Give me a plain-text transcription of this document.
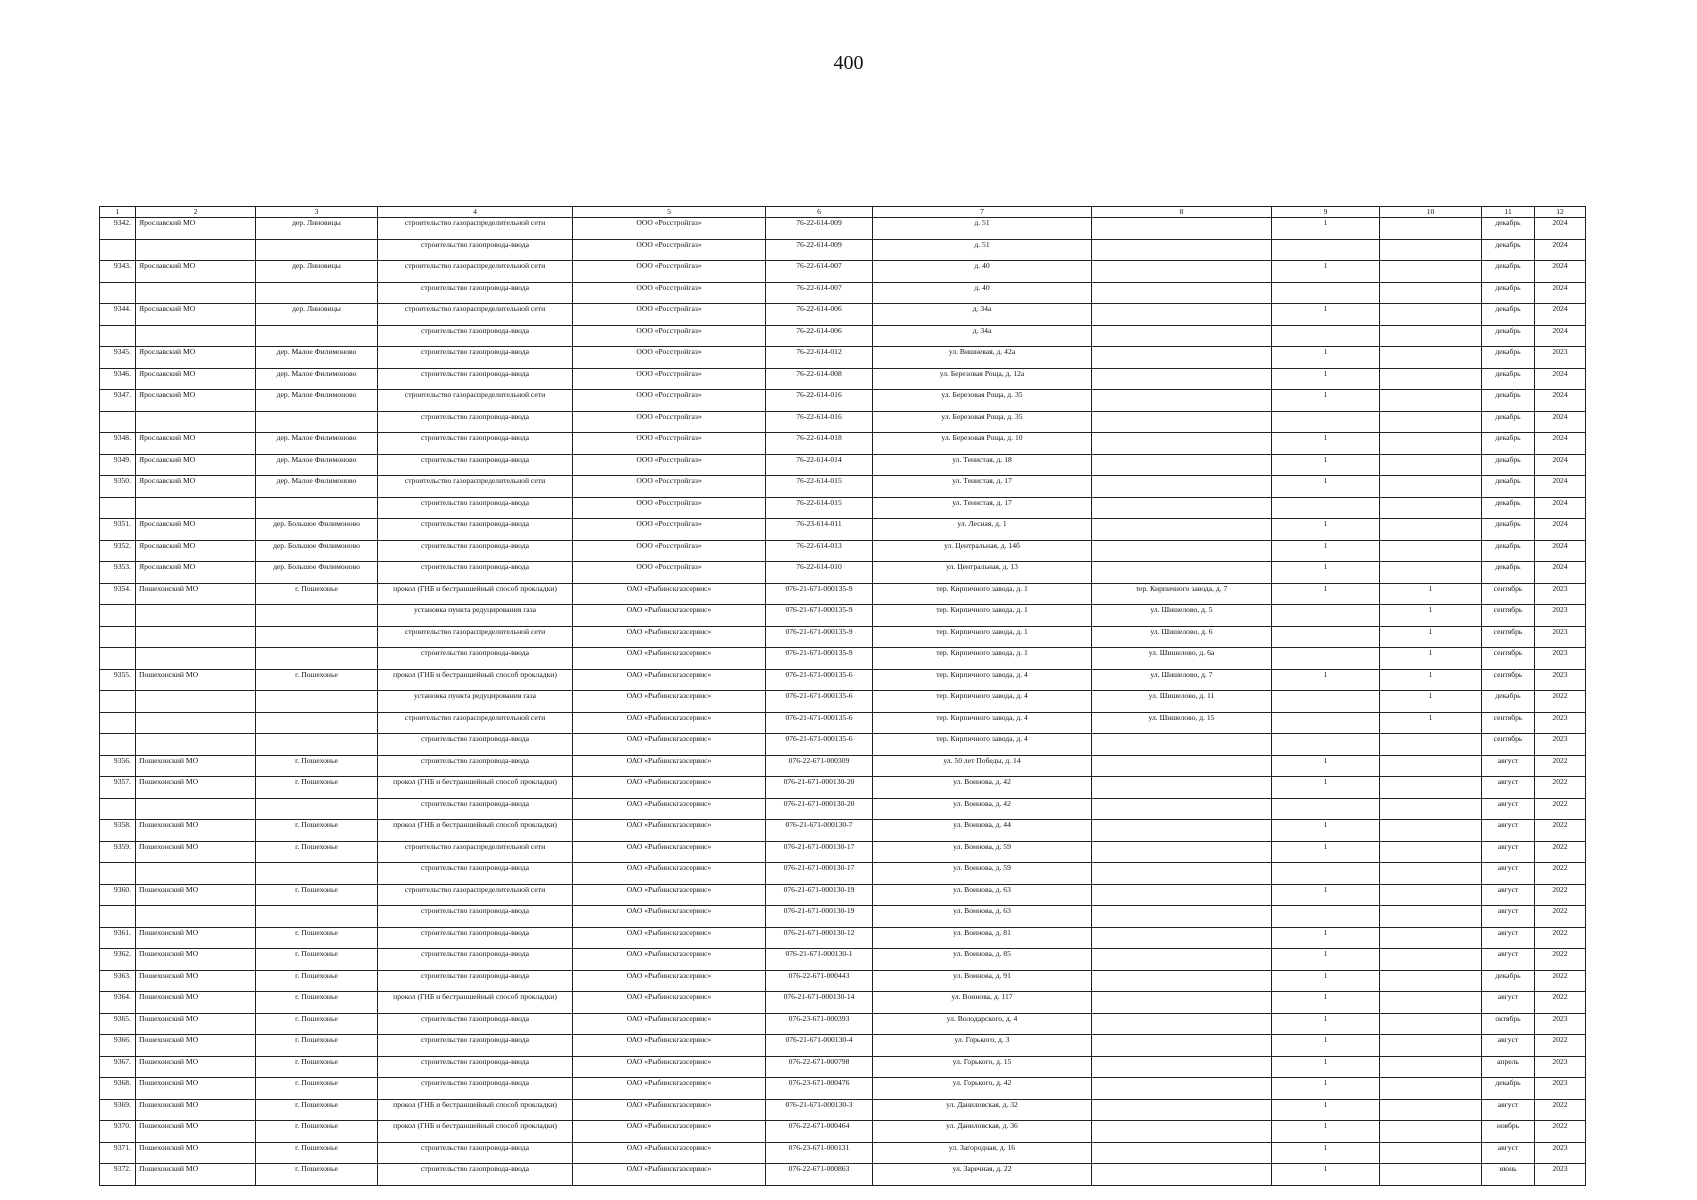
400
1	2	3	4	5	6	7	8	9	10	11	12
9342.	Ярославский МО	дер. Линовицы	строительство газораспределительной сети	ООО «Росстройгаз»	76-22-614-009	д. 51		1		декабрь	2024
			строительство газопровода-ввода	ООО «Росстройгаз»	76-22-614-009	д. 51				декабрь	2024
9343.	Ярославский МО	дер. Линовицы	строительство газораспределительной сети	ООО «Росстройгаз»	76-22-614-007	д. 40		1		декабрь	2024
			строительство газопровода-ввода	ООО «Росстройгаз»	76-22-614-007	д. 40				декабрь	2024
9344.	Ярославский МО	дер. Линовицы	строительство газораспределительной сети	ООО «Росстройгаз»	76-22-614-006	д. 34а		1		декабрь	2024
			строительство газопровода-ввода	ООО «Росстройгаз»	76-22-614-006	д. 34а				декабрь	2024
9345.	Ярославский МО	дер. Малое Филимоново	строительство газопровода-ввода	ООО «Росстройгаз»	76-22-614-012	ул. Вишневая, д. 42а		1		декабрь	2023
9346.	Ярославский МО	дер. Малое Филимоново	строительство газопровода-ввода	ООО «Росстройгаз»	76-22-614-008	ул. Березовая Роща, д. 12а		1		декабрь	2024
9347.	Ярославский МО	дер. Малое Филимоново	строительство газораспределительной сети	ООО «Росстройгаз»	76-22-614-016	ул. Березовая Роща, д. 35		1		декабрь	2024
			строительство газопровода-ввода	ООО «Росстройгаз»	76-22-614-016	ул. Березовая Роща, д. 35				декабрь	2024
9348.	Ярославский МО	дер. Малое Филимоново	строительство газопровода-ввода	ООО «Росстройгаз»	76-22-614-018	ул. Березовая Роща, д. 10		1		декабрь	2024
9349.	Ярославский МО	дер. Малое Филимоново	строительство газопровода-ввода	ООО «Росстройгаз»	76-22-614-014	ул. Тенистая, д. 18		1		декабрь	2024
9350.	Ярославский МО	дер. Малое Филимоново	строительство газораспределительной сети	ООО «Росстройгаз»	76-22-614-015	ул. Тенистая, д. 17		1		декабрь	2024
			строительство газопровода-ввода	ООО «Росстройгаз»	76-22-614-015	ул. Тенистая, д. 17				декабрь	2024
9351.	Ярославский МО	дер. Большое Филимоново	строительство газопровода-ввода	ООО «Росстройгаз»	76-23-614-011	ул. Лесная, д. 1		1		декабрь	2024
9352.	Ярославский МО	дер. Большое Филимоново	строительство газопровода-ввода	ООО «Росстройгаз»	76-22-614-013	ул. Центральная, д. 14б		1		декабрь	2024
9353.	Ярославский МО	дер. Большое Филимоново	строительство газопровода-ввода	ООО «Росстройгаз»	76-22-614-010	ул. Центральная, д. 13		1		декабрь	2024
9354.	Пошехонский МО	г. Пошехонье	прокол (ГНБ и бестраншейный способ прокладки)	ОАО «Рыбинскгазсервис»	076-21-671-000135-9	тер. Кирпичного завода, д. 1	тер. Кирпичного завода, д. 7	1	1	сентябрь	2023
			установка пункта редуцирования газа	ОАО «Рыбинскгазсервис»	076-21-671-000135-9	тер. Кирпичного завода, д. 1	ул. Шишелово, д. 5		1	сентябрь	2023
			строительство газораспределительной сети	ОАО «Рыбинскгазсервис»	076-21-671-000135-9	тер. Кирпичного завода, д. 1	ул. Шишелово, д. 6		1	сентябрь	2023
			строительство газопровода-ввода	ОАО «Рыбинскгазсервис»	076-21-671-000135-9	тер. Кирпичного завода, д. 1	ул. Шишелово, д. 6а		1	сентябрь	2023
9355.	Пошехонский МО	г. Пошехонье	прокол (ГНБ и бестраншейный способ прокладки)	ОАО «Рыбинскгазсервис»	076-21-671-000135-6	тер. Кирпичного завода, д. 4	ул. Шишелово, д. 7	1	1	сентябрь	2023
			установка пункта редуцирования газа	ОАО «Рыбинскгазсервис»	076-21-671-000135-6	тер. Кирпичного завода, д. 4	ул. Шишелово, д. 11		1	декабрь	2022
			строительство газораспределительной сети	ОАО «Рыбинскгазсервис»	076-21-671-000135-6	тер. Кирпичного завода, д. 4	ул. Шишелово, д. 15		1	сентябрь	2023
			строительство газопровода-ввода	ОАО «Рыбинскгазсервис»	076-21-671-000135-6	тер. Кирпичного завода, д. 4				сентябрь	2023
9356.	Пошехонский МО	г. Пошехонье	строительство газопровода-ввода	ОАО «Рыбинскгазсервис»	076-22-671-000309	ул. 50 лет Победы, д. 14		1		август	2022
9357.	Пошехонский МО	г. Пошехонье	прокол (ГНБ и бестраншейный способ прокладки)	ОАО «Рыбинскгазсервис»	076-21-671-000130-20	ул. Воинова, д. 42		1		август	2022
			строительство газопровода-ввода	ОАО «Рыбинскгазсервис»	076-21-671-000130-20	ул. Воинова, д. 42				август	2022
9358.	Пошехонский МО	г. Пошехонье	прокол (ГНБ и бестраншейный способ прокладки)	ОАО «Рыбинскгазсервис»	076-21-671-000130-7	ул. Воинова, д. 44		1		август	2022
9359.	Пошехонский МО	г. Пошехонье	строительство газораспределительной сети	ОАО «Рыбинскгазсервис»	076-21-671-000130-17	ул. Воинова, д. 59		1		август	2022
			строительство газопровода-ввода	ОАО «Рыбинскгазсервис»	076-21-671-000130-17	ул. Воинова, д. 59				август	2022
9360.	Пошехонский МО	г. Пошехонье	строительство газораспределительной сети	ОАО «Рыбинскгазсервис»	076-21-671-000130-19	ул. Воинова, д. 63		1		август	2022
			строительство газопровода-ввода	ОАО «Рыбинскгазсервис»	076-21-671-000130-19	ул. Воинова, д. 63				август	2022
9361.	Пошехонский МО	г. Пошехонье	строительство газопровода-ввода	ОАО «Рыбинскгазсервис»	076-21-671-000130-12	ул. Воинова, д. 81		1		август	2022
9362.	Пошехонский МО	г. Пошехонье	строительство газопровода-ввода	ОАО «Рыбинскгазсервис»	076-21-671-000130-1	ул. Воинова, д. 85		1		август	2022
9363.	Пошехонский МО	г. Пошехонье	строительство газопровода-ввода	ОАО «Рыбинскгазсервис»	076-22-671-000443	ул. Воинова, д. 91		1		декабрь	2022
9364.	Пошехонский МО	г. Пошехонье	прокол (ГНБ и бестраншейный способ прокладки)	ОАО «Рыбинскгазсервис»	076-21-671-000130-14	ул. Воинова, д. 117		1		август	2022
9365.	Пошехонский МО	г. Пошехонье	строительство газопровода-ввода	ОАО «Рыбинскгазсервис»	076-23-671-000393	ул. Володарского, д. 4		1		октябрь	2023
9366.	Пошехонский МО	г. Пошехонье	строительство газопровода-ввода	ОАО «Рыбинскгазсервис»	076-21-671-000130-4	ул. Горького, д. 3		1		август	2022
9367.	Пошехонский МО	г. Пошехонье	строительство газопровода-ввода	ОАО «Рыбинскгазсервис»	076-22-671-000798	ул. Горького, д. 15		1		апрель	2023
9368.	Пошехонский МО	г. Пошехонье	строительство газопровода-ввода	ОАО «Рыбинскгазсервис»	076-23-671-000476	ул. Горького, д. 42		1		декабрь	2023
9369.	Пошехонский МО	г. Пошехонье	прокол (ГНБ и бестраншейный способ прокладки)	ОАО «Рыбинскгазсервис»	076-21-671-000130-3	ул. Даниловская, д. 32		1		август	2022
9370.	Пошехонский МО	г. Пошехонье	прокол (ГНБ и бестраншейный способ прокладки)	ОАО «Рыбинскгазсервис»	076-22-671-000464	ул. Даниловская, д. 36		1		ноябрь	2022
9371.	Пошехонский МО	г. Пошехонье	строительство газопровода-ввода	ОАО «Рыбинскгазсервис»	076-23-671-000131	ул. Загородная, д. 16		1		август	2023
9372.	Пошехонский МО	г. Пошехонье	строительство газопровода-ввода	ОАО «Рыбинскгазсервис»	076-22-671-000863	ул. Заречная, д. 22		1		июнь	2023
